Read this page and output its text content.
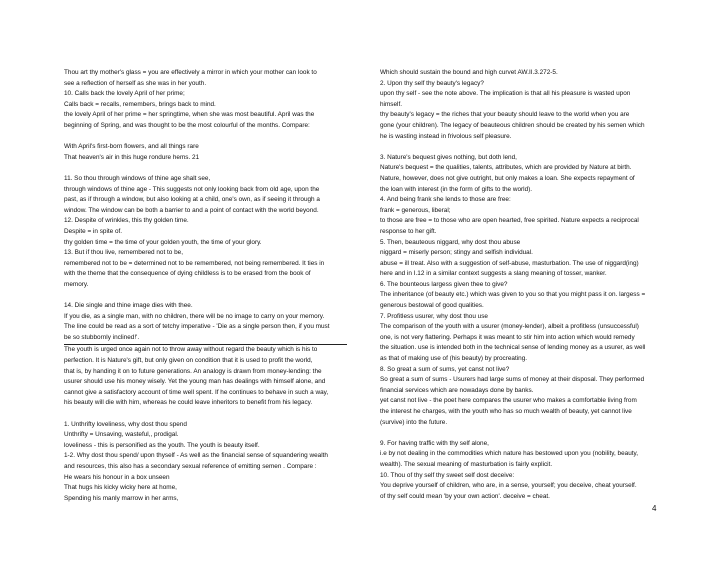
Thou art thy mother's glass = you are effectively a mirror in which your mother can look to
see a reflection of herself as she was in her youth.
10. Calls back the lovely April of her prime;
Calls back = recalls, remembers, brings back to mind.
the lovely April of her prime = her springtime, when she was most beautiful. April was the
beginning of Spring, and was thought to be the most colourful of the months. Compare:
With April's first-born flowers, and all things rare
That heaven's air in this huge rondure hems. 21
11. So thou through windows of thine age shalt see,
through windows of thine age - This suggests not only looking back from old age, upon the
past, as if through a window, but also looking at a child, one's own, as if seeing it through a
window. The window can be both a barrier to and a point of contact with the world beyond.
12. Despite of wrinkles, this thy golden time.
Despite = in spite of.
thy golden time = the time of your golden youth, the time of your glory.
13. But if thou live, remembered not to be,
remembered not to be = determined not to be remembered, not being remembered. It ties in
with the theme that the consequence of dying childless is to be erased from the book of
memory.
14. Die single and thine image dies with thee.
If you die, as a single man, with no children, there will be no image to carry on your memory.
The line could be read as a sort of tetchy imperative - 'Die as a single person then, if you must
be so stubbornly inclined!'.
The youth is urged once again not to throw away without regard the beauty which is his to
perfection. It is Nature's gift, but only given on condition that it is used to profit the world,
that is, by handing it on to future generations. An analogy is drawn from money-lending: the
usurer should use his money wisely. Yet the young man has dealings with himself alone, and
cannot give a satisfactory account of time well spent. If he continues to behave in such a way,
his beauty will die with him, whereas he could leave inheritors to benefit from his legacy.
1. Unthrifty loveliness, why dost thou spend
Unthrifty = Unsaving, wasteful,, prodigal.
loveliness - this is personified as the youth. The youth is beauty itself.
1-2. Why dost thou spend/ upon thyself - As well as the financial sense of squandering wealth
and resources, this also has a secondary sexual reference of emitting semen . Compare :
He wears his honour in a box unseen
That hugs his kicky wicky here at home,
Spending his manly marrow in her arms,
Which should sustain the bound and high curvet AW.II.3.272-5.
2. Upon thy self thy beauty's legacy?
upon thy self - see the note above. The implication is that all his pleasure is wasted upon
himself.
thy beauty's legacy = the riches that your beauty should leave to the world when you are
gone (your children). The legacy of beauteous children should be created by his semen which
he is wasting instead in frivolous self pleasure.
3. Nature's bequest gives nothing, but doth lend,
Nature's bequest = the qualities, talents, attributes, which are provided by Nature at birth.
Nature, however, does not give outright, but only makes a loan. She expects repayment of
the loan with interest (in the form of gifts to the world).
4. And being frank she lends to those are free:
frank = generous, liberal;
to those are free = to those who are open hearted, free spirited. Nature expects a reciprocal
response to her gift.
5. Then, beauteous niggard, why dost thou abuse
niggard = miserly person; stingy and selfish individual.
abuse = ill treat. Also with a suggestion of self-abuse, masturbation. The use of niggard(ing)
here and in I.12 in a similar context suggests a slang meaning of tosser, wanker.
6. The bounteous largess given thee to give?
The inheritance (of beauty etc.) which was given to you so that you might pass it on. largess =
generous bestowal of good qualities.
7. Profitless usurer, why dost thou use
The comparison of the youth with a usurer (money-lender), albeit a profitless (unsuccessful)
one, is not very flattering. Perhaps it was meant to stir him into action which would remedy
the situation. use is intended both in the technical sense of lending money as a usurer, as well
as that of making use of (his beauty) by procreating.
8. So great a sum of sums, yet canst not live?
So great a sum of sums - Usurers had large sums of money at their disposal. They performed
financial services which are nowadays done by banks.
yet canst not live - the poet here compares the usurer who makes a comfortable living from
the interest he charges, with the youth who has so much wealth of beauty, yet cannot live
(survive) into the future.
9. For having traffic with thy self alone,
i.e by not dealing in the commodities which nature has bestowed upon you (nobility, beauty,
wealth). The sexual meaning of masturbation is fairly explicit.
10. Thou of thy self thy sweet self dost deceive:
You deprive yourself of children, who are, in a sense, yourself; you deceive, cheat yourself.
of thy self could mean 'by your own action'. deceive = cheat.
4
